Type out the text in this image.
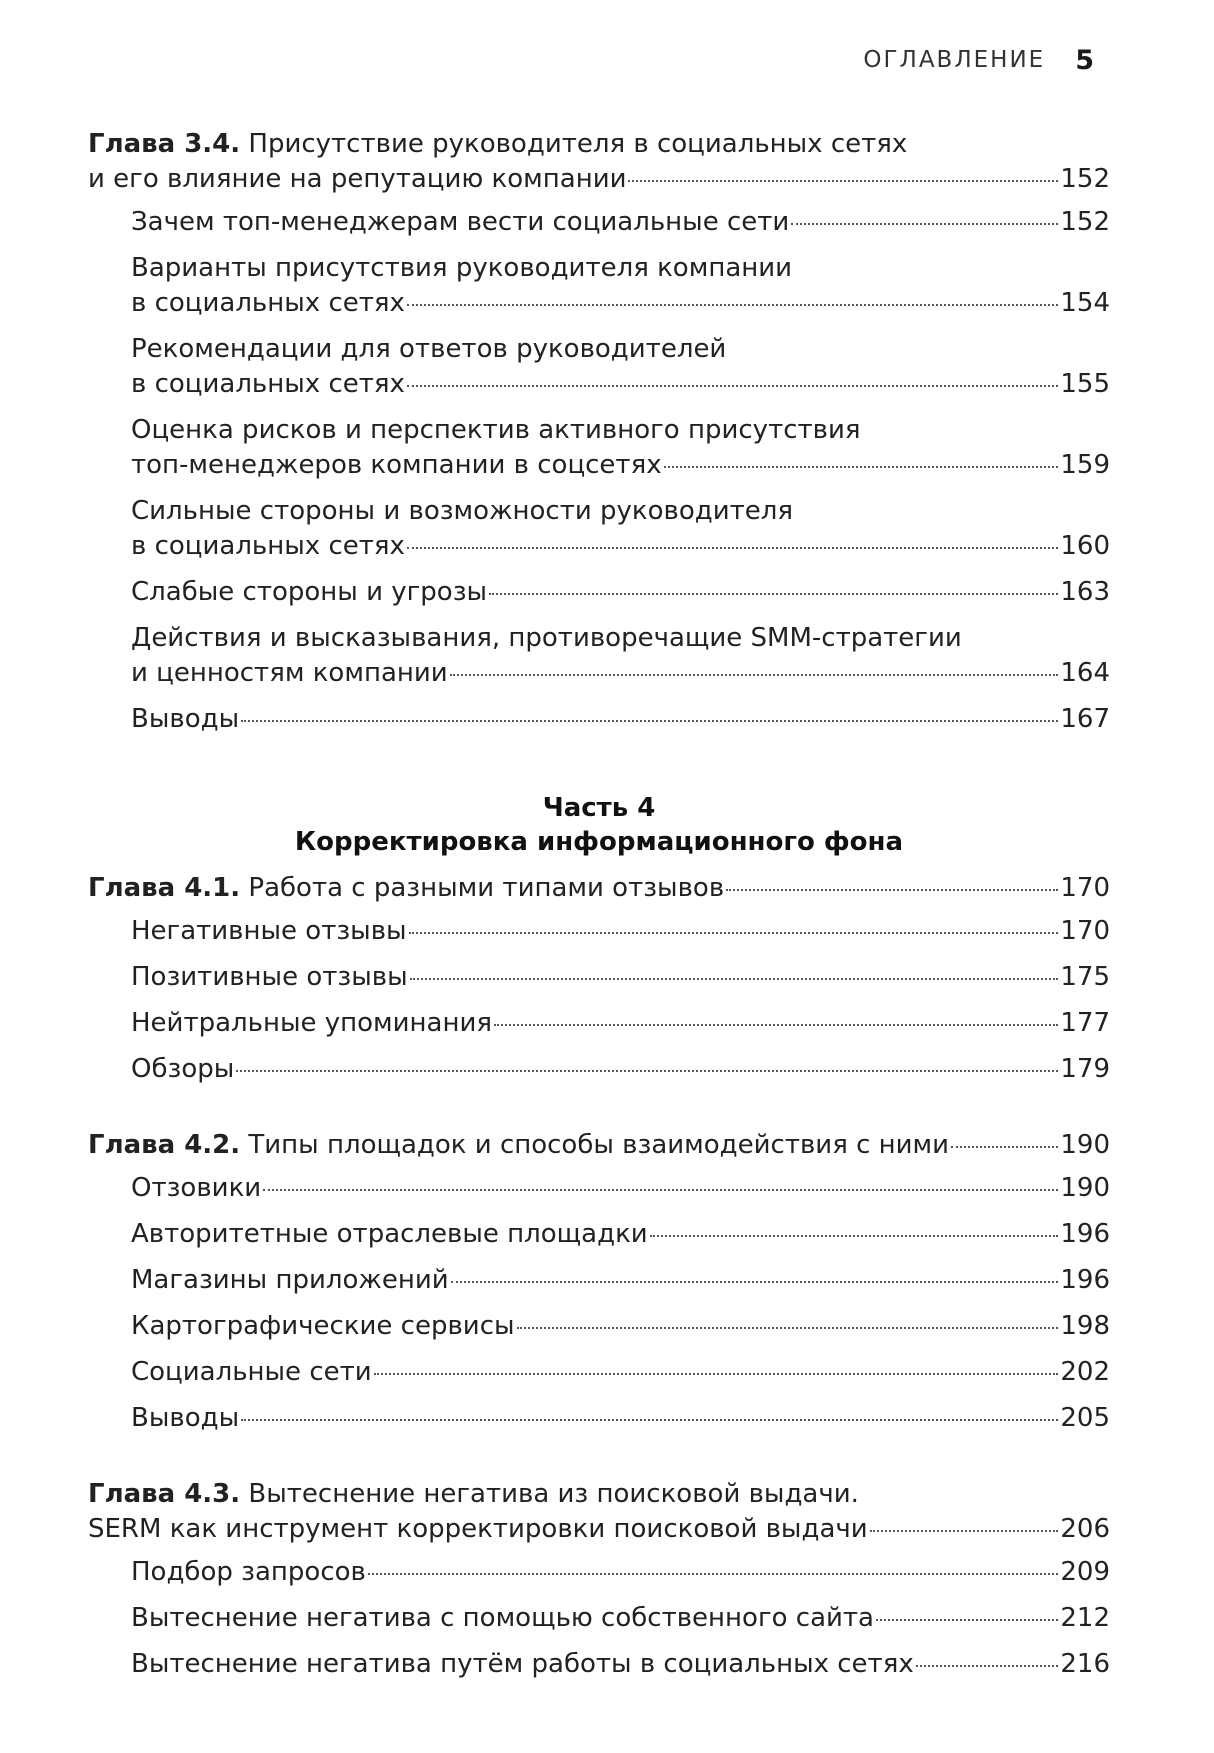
ОГЛАВЛЕНИЕ 5
Глава 3.4. Присутствие руководителя в социальных сетях
и его влияние на репутацию компании	152
Зачем топ-менеджерам вести социальные сети	152
Варианты присутствия руководителя компании
в социальных сетях	154
Рекомендации для ответов руководителей
в социальных сетях	155
Оценка рисков и перспектив активного присутствия
топ-менеджеров компании в соцсетях	159
Сильные стороны и возможности руководителя
в социальных сетях	160
Слабые стороны и угрозы	163
Действия и высказывания, противоречащие SMM-стратегии
и ценностям компании	164
Выводы	167
Часть 4
Корректировка информационного фона
Глава 4.1. Работа с разными типами отзывов	170
Негативные отзывы	170
Позитивные отзывы	175
Нейтральные упоминания	177
Обзоры	179
Глава 4.2. Типы площадок и способы взаимодействия с ними	190
Отзовики	190
Авторитетные отраслевые площадки	196
Магазины приложений	196
Картографические сервисы	198
Социальные сети	202
Выводы	205
Глава 4.3. Вытеснение негатива из поисковой выдачи.
SERM как инструмент корректировки поисковой выдачи	206
Подбор запросов	209
Вытеснение негатива с помощью собственного сайта	212
Вытеснение негатива путём работы в социальных сетях	216
